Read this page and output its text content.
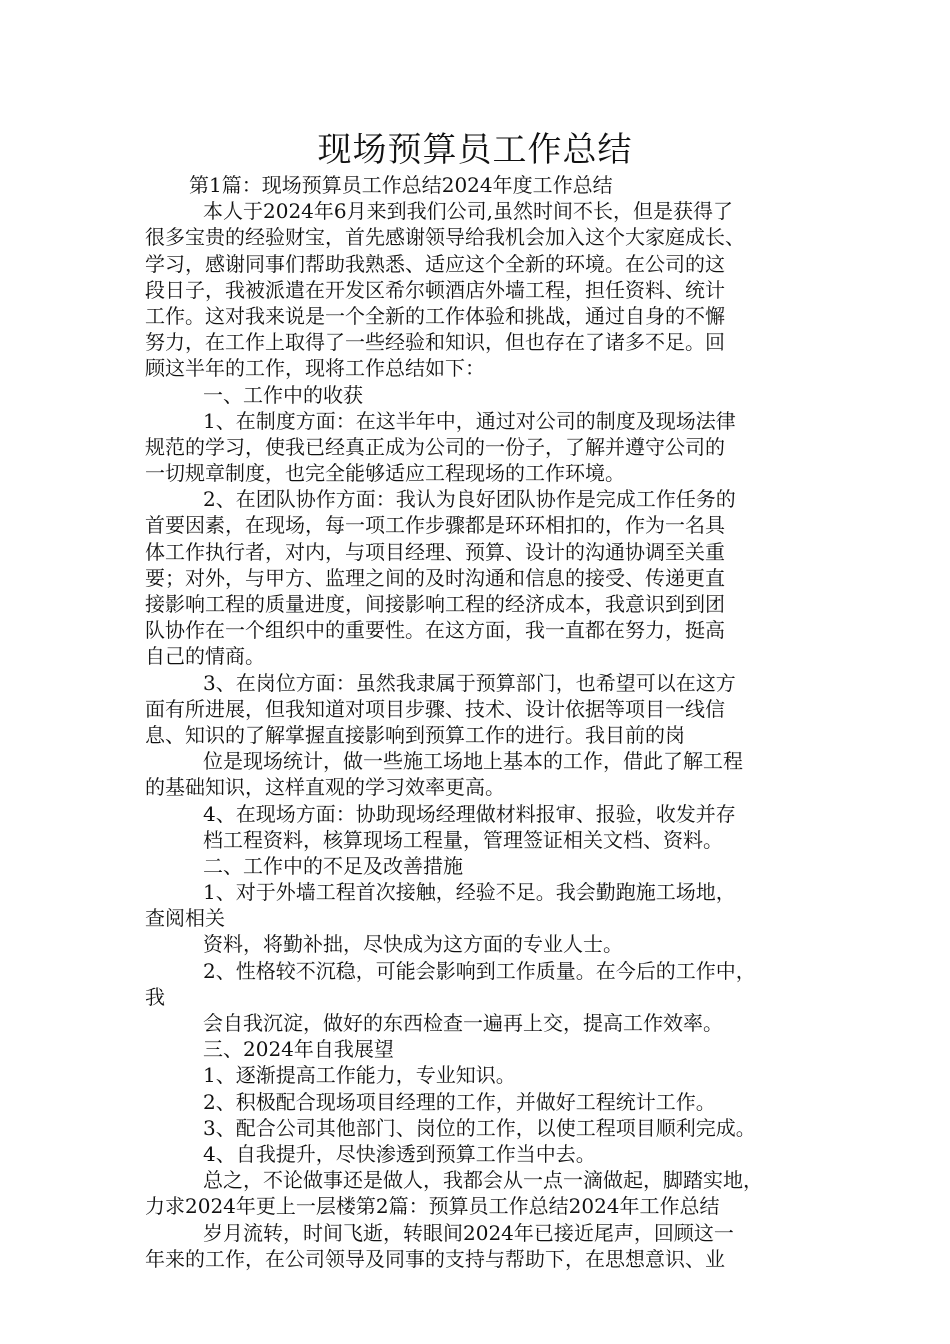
现场预算员工作总结
第1篇：现场预算员工作总结2024年度工作总结
本人于2024年6月来到我们公司,虽然时间不长，但是获得了
很多宝贵的经验财宝，首先感谢领导给我机会加入这个大家庭成长、
学习，感谢同事们帮助我熟悉、适应这个全新的环境。在公司的这
段日子，我被派遣在开发区希尔顿酒店外墙工程，担任资料、统计
工作。这对我来说是一个全新的工作体验和挑战，通过自身的不懈
努力，在工作上取得了一些经验和知识，但也存在了诸多不足。回
顾这半年的工作，现将工作总结如下：
一、工作中的收获
1、在制度方面：在这半年中，通过对公司的制度及现场法律
规范的学习，使我已经真正成为公司的一份子，了解并遵守公司的
一切规章制度，也完全能够适应工程现场的工作环境。
2、在团队协作方面：我认为良好团队协作是完成工作任务的
首要因素，在现场，每一项工作步骤都是环环相扣的，作为一名具
体工作执行者，对内，与项目经理、预算、设计的沟通协调至关重
要；对外，与甲方、监理之间的及时沟通和信息的接受、传递更直
接影响工程的质量进度，间接影响工程的经济成本，我意识到到团
队协作在一个组织中的重要性。在这方面，我一直都在努力，挺高
自己的情商。
3、在岗位方面：虽然我隶属于预算部门，也希望可以在这方
面有所进展，但我知道对项目步骤、技术、设计依据等项目一线信
息、知识的了解掌握直接影响到预算工作的进行。我目前的岗
位是现场统计，做一些施工场地上基本的工作，借此了解工程
的基础知识，这样直观的学习效率更高。
4、在现场方面：协助现场经理做材料报审、报验，收发并存
档工程资料，核算现场工程量，管理签证相关文档、资料。
二、工作中的不足及改善措施
1、对于外墙工程首次接触，经验不足。我会勤跑施工场地，
查阅相关
资料，将勤补拙，尽快成为这方面的专业人士。
2、性格较不沉稳，可能会影响到工作质量。在今后的工作中，
我
会自我沉淀，做好的东西检查一遍再上交，提高工作效率。
三、2024年自我展望
1、逐渐提高工作能力，专业知识。
2、积极配合现场项目经理的工作，并做好工程统计工作。
3、配合公司其他部门、岗位的工作，以使工程项目顺利完成。
4、自我提升，尽快渗透到预算工作当中去。
总之，不论做事还是做人，我都会从一点一滴做起，脚踏实地，
力求2024年更上一层楼第2篇：预算员工作总结2024年工作总结
岁月流转，时间飞逝，转眼间2024年已接近尾声，回顾这一
年来的工作，在公司领导及同事的支持与帮助下，在思想意识、业
